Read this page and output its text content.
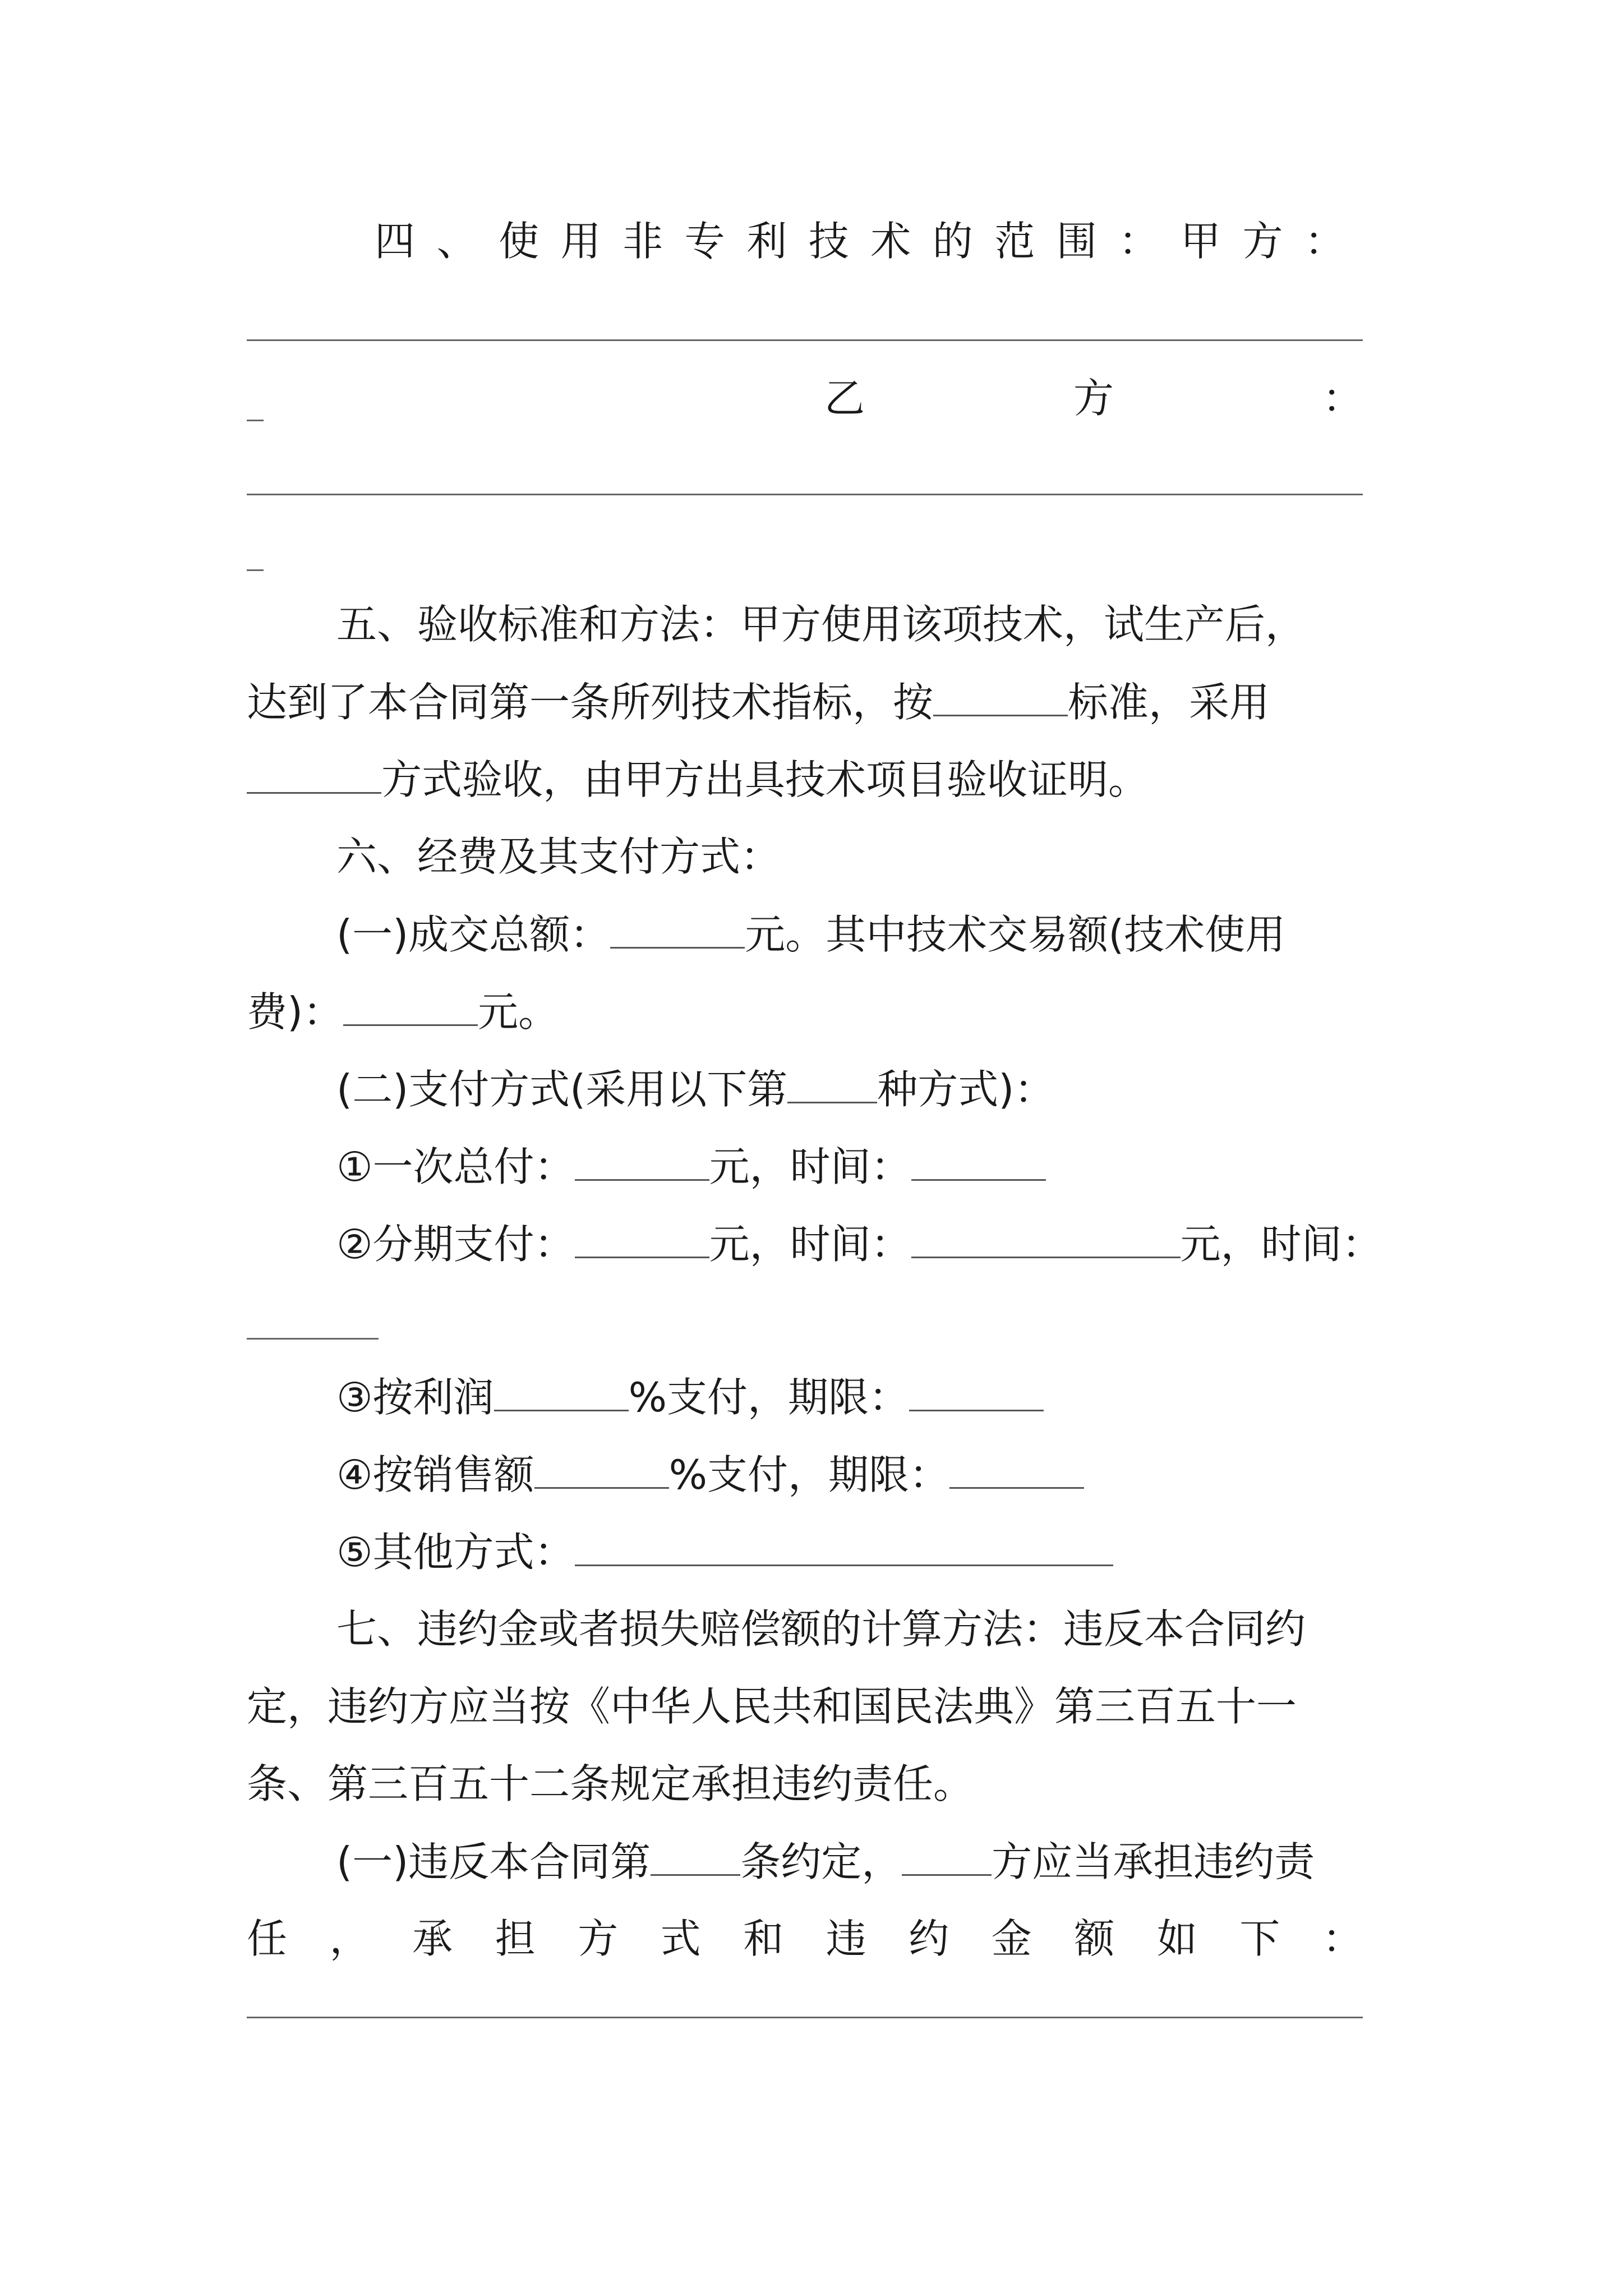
四 、 使 用 非 专 利 技 术 的 范 围 ： 甲 方 ：
乙	方	：
五、验收标准和方法：甲方使用该项技术，试生产后，
达到了本合同第一条所列技术指标，按	标准，采用
方式验收，由甲方出具技术项目验收证明。
六、经费及其支付方式：
(一)成交总额：	元。其中技术交易额(技术使用
费)：	元。
(二)支付方式(采用以下第 种方式)：
①一次总付：	元，时间：
②分期支付：	元，时间：	元，时间：
③按利润	%支付，期限：
④按销售额	%支付，期限：
⑤其他方式：
七、违约金或者损失赔偿额的计算方法：违反本合同约
定，违约方应当按《中华人民共和国民法典》第三百五十一
条、第三百五十二条规定承担违约责任。
(一)违反本合同第 条约定， 方应当承担违约责
任 ， 承 担 方 式 和 违 约 金 额 如 下 ：
